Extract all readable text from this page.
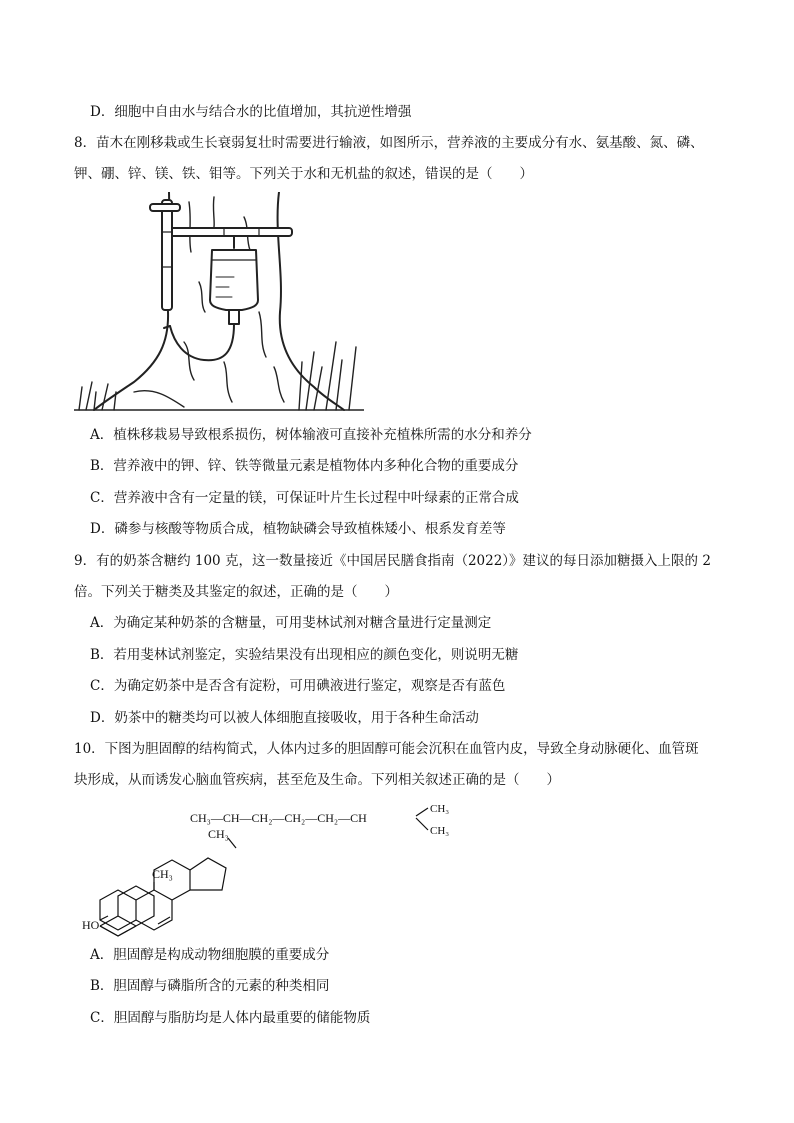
D．细胞中自由水与结合水的比值增加，其抗逆性增强
8．苗木在刚移栽或生长衰弱复壮时需要进行输液，如图所示，营养液的主要成分有水、氨基酸、氮、磷、
钾、硼、锌、镁、铁、钼等。下列关于水和无机盐的叙述，错误的是（　　）
A．植株移栽易导致根系损伤，树体输液可直接补充植株所需的水分和养分
B．营养液中的钾、锌、铁等微量元素是植物体内多种化合物的重要成分
C．营养液中含有一定量的镁，可保证叶片生长过程中叶绿素的正常合成
D．磷参与核酸等物质合成，植物缺磷会导致植株矮小、根系发育差等
9．有的奶茶含糖约 100 克，这一数量接近《中国居民膳食指南（2022）》建议的每日添加糖摄入上限的 2
倍。下列关于糖类及其鉴定的叙述，正确的是（　　）
A．为确定某种奶茶的含糖量，可用斐林试剂对糖含量进行定量测定
B．若用斐林试剂鉴定，实验结果没有出现相应的颜色变化，则说明无糖
C．为确定奶茶中是否含有淀粉，可用碘液进行鉴定，观察是否有蓝色
D．奶茶中的糖类均可以被人体细胞直接吸收，用于各种生命活动
10．下图为胆固醇的结构简式，人体内过多的胆固醇可能会沉积在血管内皮，导致全身动脉硬化、血管斑
块形成，从而诱发心脑血管疾病，甚至危及生命。下列相关叙述正确的是（　　）
CH₃—CH—CH₂—CH₂—CH₂—CH
CH₃
CH₃
CH₃
CH₃
HO
A．胆固醇是构成动物细胞膜的重要成分
B．胆固醇与磷脂所含的元素的种类相同
C．胆固醇与脂肪均是人体内最重要的储能物质
